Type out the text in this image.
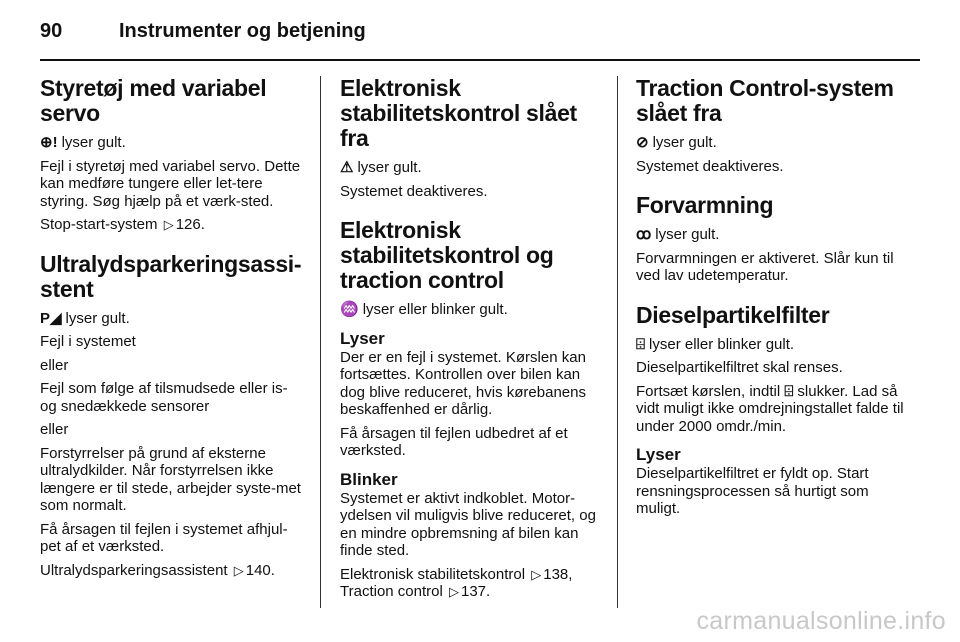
90	Instrumenter og betjening
Styretøj med variabel servo

⊕! lyser gult.

Fejl i styretøj med variabel servo. Dette kan medføre tungere eller let-tere styring. Søg hjælp på et værk-sted.

Stop-start-system ▷ 126.

Ultralydsparkeringsassi-stent

P◢ lyser gult.

Fejl i systemet

eller

Fejl som følge af tilsmudsede eller is- og snedækkede sensorer

eller

Forstyrrelser på grund af eksterne ultralydkilder. Når forstyrrelsen ikke længere er til stede, arbejder syste-met som normalt.

Få årsagen til fejlen i systemet afhjul-pet af et værksted.

Ultralydsparkeringsassistent ▷ 140.

Elektronisk stabilitetskontrol slået fra

⚠ lyser gult.

Systemet deaktiveres.

Elektronisk stabilitetskontrol og traction control

♒ lyser eller blinker gult.

Lyser

Der er en fejl i systemet. Kørslen kan fortsættes. Kontrollen over bilen kan dog blive reduceret, hvis kørebanens beskaffenhed er dårlig.

Få årsagen til fejlen udbedret af et værksted.

Blinker

Systemet er aktivt indkoblet. Motor-ydelsen vil muligvis blive reduceret, og en mindre opbremsning af bilen kan finde sted.

Elektronisk stabilitetskontrol ▷ 138,
Traction control ▷ 137.

Traction Control-system slået fra

⊘ lyser gult.

Systemet deaktiveres.

Forvarmning

ꝏ lyser gult.

Forvarmningen er aktiveret. Slår kun til ved lav udetemperatur.

Dieselpartikelfilter

⌹ lyser eller blinker gult.

Dieselpartikelfiltret skal renses.

Fortsæt kørslen, indtil ⌹ slukker. Lad så vidt muligt ikke omdrejningstallet falde til under 2000 omdr./min.

Lyser

Dieselpartikelfiltret er fyldt op. Start rensningsprocessen så hurtigt som muligt.

carmanualsonline.info
